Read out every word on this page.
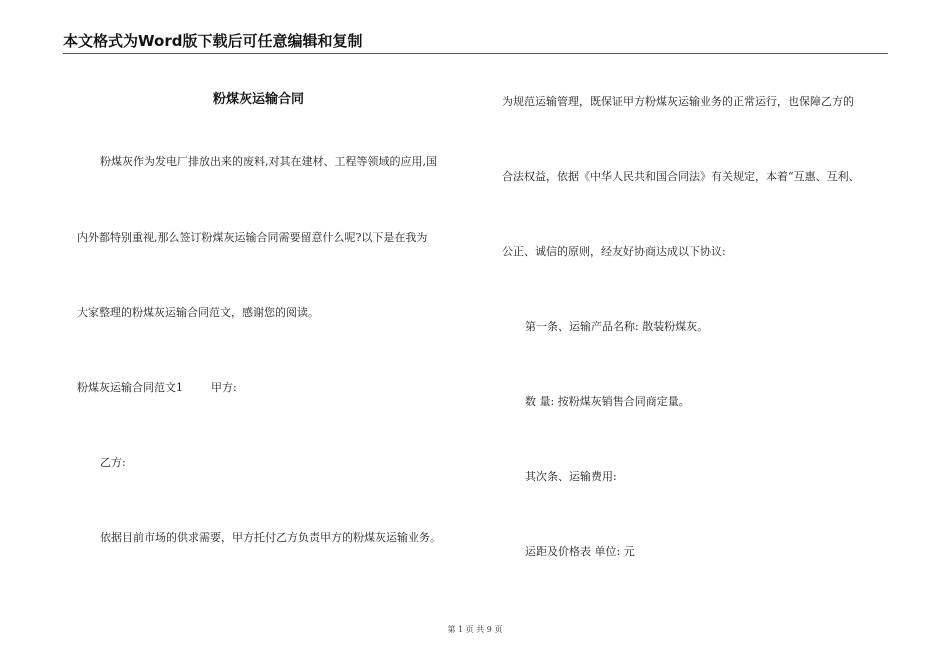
本文格式为Word版下载后可任意编辑和复制
粉煤灰运输合同
粉煤灰作为发电厂排放出来的废料,对其在建材、工程等领域的应用,国
内外都特别重视,那么签订粉煤灰运输合同需要留意什么呢?以下是在我为
大家整理的粉煤灰运输合同范文，感谢您的阅读。
粉煤灰运输合同范文1        甲方:
乙方:
依据目前市场的供求需要，甲方托付乙方负责甲方的粉煤灰运输业务。
为规范运输管理，既保证甲方粉煤灰运输业务的正常运行，也保障乙方的
合法权益，依据《中华人民共和国合同法》有关规定，本着“互惠、互利、
公正、诚信的原则，经友好协商达成以下协议:
第一条、运输产品名称: 散装粉煤灰。
数 量: 按粉煤灰销售合同商定量。
其次条、运输费用:
运距及价格表 单位: 元
第 1 页 共 9 页
